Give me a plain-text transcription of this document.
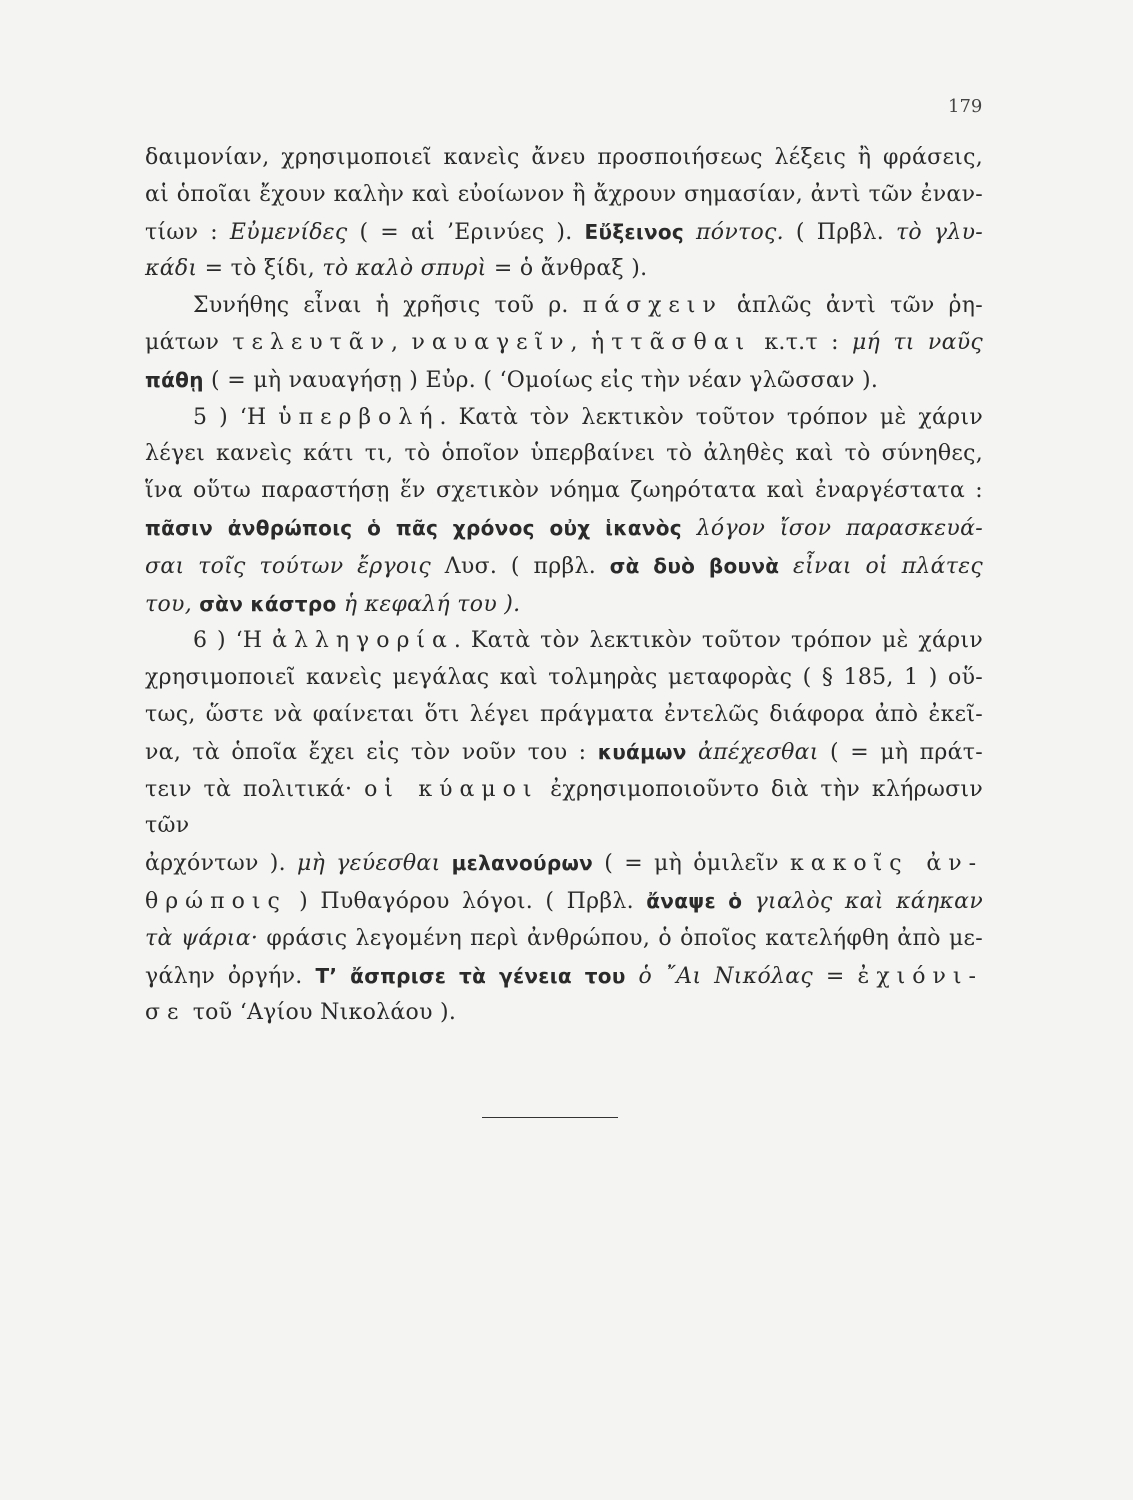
179
δαιμονίαν, χρησιμοποιεῖ κανεὶς ἄνευ προσποιήσεως λέξεις ἢ φράσεις,
αἱ ὁποῖαι ἔχουν καλὴν καὶ εὐοίωνον ἢ ἄχρουν σημασίαν, ἀντὶ τῶν ἐναν-
τίων : Εὐμενίδες ( = αἱ ’Ερινύες ). Εὔξεινος πόντος. ( Πρβλ. τὸ γλυ-
κάδι = τὸ ξίδι, τὸ καλὸ σπυρὶ = ὁ ἄνθραξ ).
Συνήθης εἶναι ἡ χρῆσις τοῦ ρ. πάσχειν ἁπλῶς ἀντὶ τῶν ῥη-
μάτων τελευτᾶν, ναυαγεῖν, ἡττᾶσθαι κ.τ.τ : μή τι ναῦς
πάθῃ ( = μὴ ναυαγήσῃ ) Εὐρ. ( ‘Ομοίως εἰς τὴν νέαν γλῶσσαν ).
5 ) ‘Η ὑπερβολή. Κατὰ τὸν λεκτικὸν τοῦτον τρόπον μὲ χάριν
λέγει κανεὶς κάτι τι, τὸ ὁποῖον ὑπερβαίνει τὸ ἀληθὲς καὶ τὸ σύνηθες,
ἵνα οὕτω παραστήσῃ ἕν σχετικὸν νόημα ζωηρότατα καὶ ἐναργέστατα :
πᾶσιν ἀνθρώποις ὁ πᾶς χρόνος οὐχ ἱκανὸς λόγον ἴσον παρασκευά-
σαι τοῖς τούτων ἔργοις Λυσ. ( πρβλ. σὰ δυὸ βουνὰ εἶναι οἱ πλάτες
του, σὰν κάστρο ἡ κεφαλή του ).
6 ) ‘Η ἀλληγορία. Κατὰ τὸν λεκτικὸν τοῦτον τρόπον μὲ χάριν
χρησιμοποιεῖ κανεὶς μεγάλας καὶ τολμηρὰς μεταφορὰς ( § 185, 1 ) οὕ-
τως, ὥστε νὰ φαίνεται ὅτι λέγει πράγματα ἐντελῶς διάφορα ἀπὸ ἐκεῖ-
να, τὰ ὁποῖα ἔχει εἰς τὸν νοῦν του : κυάμων ἀπέχεσθαι ( = μὴ πράτ-
τειν τὰ πολιτικά· οἱ κύαμοι ἐχρησιμοποιοῦντο διὰ τὴν κλήρωσιν τῶν
ἀρχόντων ). μὴ γεύεσθαι μελανούρων ( = μὴ ὁμιλεῖν κακοῖς ἀν-
θρώποις ) Πυθαγόρου λόγοι. ( Πρβλ. ἄναψε ὁ γιαλὸς καὶ κάηκαν
τὰ ψάρια· φράσις λεγομένη περὶ ἀνθρώπου, ὁ ὁποῖος κατελήφθη ἀπὸ με-
γάλην ὀργήν. Τ’ ἄσπρισε τὰ γένεια του ὁ ῎Αι Νικόλας = ἐχιόνι-
σε τοῦ ‘Αγίου Νικολάου ).
